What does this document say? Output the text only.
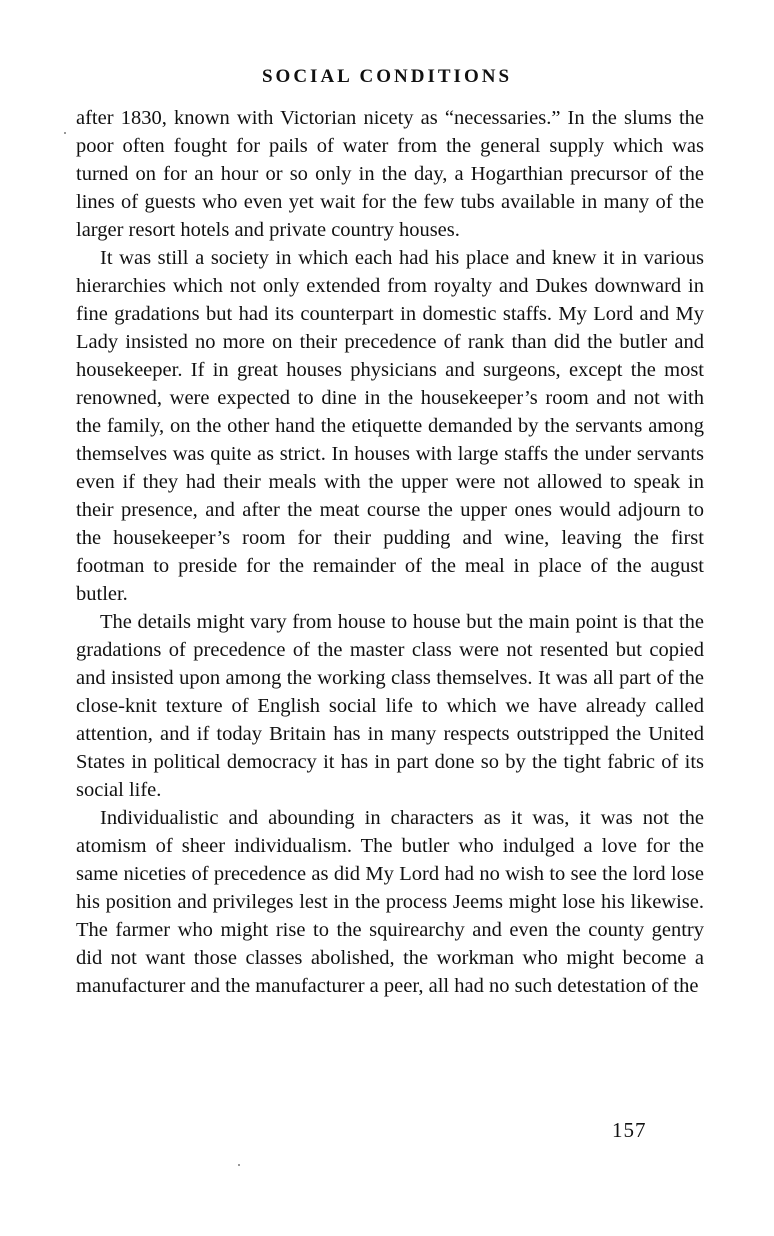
SOCIAL CONDITIONS

after 1830, known with Victorian nicety as “necessaries.” In the slums the poor often fought for pails of water from the general supply which was turned on for an hour or so only in the day, a Hogarthian precursor of the lines of guests who even yet wait for the few tubs available in many of the larger resort hotels and private country houses.

It was still a society in which each had his place and knew it in various hierarchies which not only extended from royalty and Dukes downward in fine gradations but had its counterpart in domestic staffs. My Lord and My Lady insisted no more on their precedence of rank than did the butler and housekeeper. If in great houses physicians and surgeons, except the most renowned, were expected to dine in the housekeeper’s room and not with the family, on the other hand the etiquette demanded by the servants among themselves was quite as strict. In houses with large staffs the under servants even if they had their meals with the upper were not allowed to speak in their presence, and after the meat course the upper ones would adjourn to the housekeeper’s room for their pudding and wine, leaving the first footman to preside for the remainder of the meal in place of the august butler.

The details might vary from house to house but the main point is that the gradations of precedence of the master class were not resented but copied and insisted upon among the working class themselves. It was all part of the close-knit texture of English social life to which we have already called attention, and if today Britain has in many respects outstripped the United States in political democracy it has in part done so by the tight fabric of its social life.

Individualistic and abounding in characters as it was, it was not the atomism of sheer individualism. The butler who indulged a love for the same niceties of precedence as did My Lord had no wish to see the lord lose his position and privileges lest in the process Jeems might lose his likewise. The farmer who might rise to the squirearchy and even the county gentry did not want those classes abolished, the workman who might become a manufacturer and the manufacturer a peer, all had no such detestation of the

157
